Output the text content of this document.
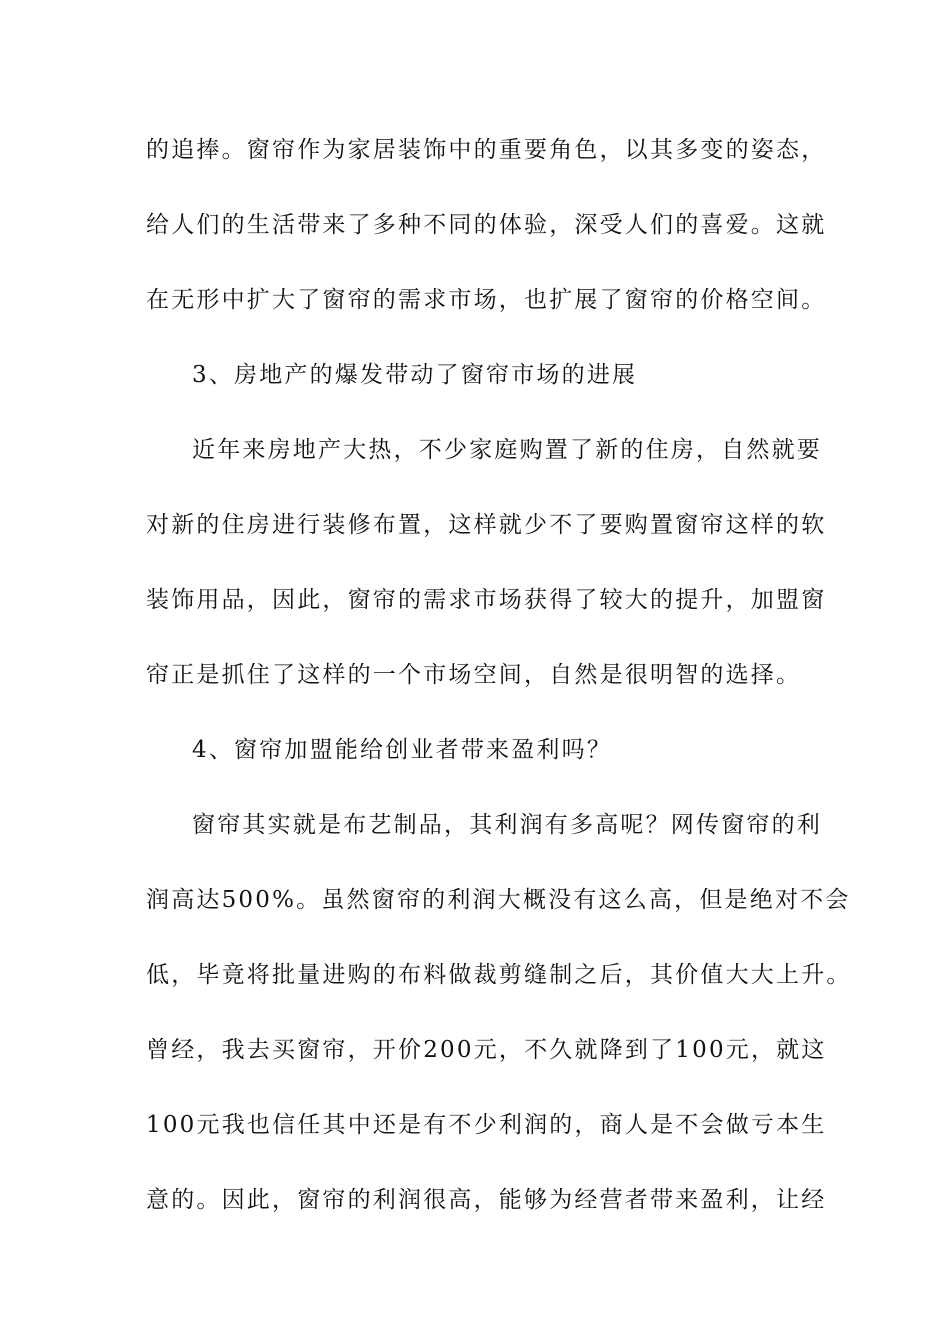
的追捧。窗帘作为家居装饰中的重要角色，以其多变的姿态，
给人们的生活带来了多种不同的体验，深受人们的喜爱。这就
在无形中扩大了窗帘的需求市场，也扩展了窗帘的价格空间。
3、房地产的爆发带动了窗帘市场的进展
近年来房地产大热，不少家庭购置了新的住房，自然就要
对新的住房进行装修布置，这样就少不了要购置窗帘这样的软
装饰用品，因此，窗帘的需求市场获得了较大的提升，加盟窗
帘正是抓住了这样的一个市场空间，自然是很明智的选择。
4、窗帘加盟能给创业者带来盈利吗？
窗帘其实就是布艺制品，其利润有多高呢？网传窗帘的利
润高达500%。虽然窗帘的利润大概没有这么高，但是绝对不会
低，毕竟将批量进购的布料做裁剪缝制之后，其价值大大上升。
曾经，我去买窗帘，开价200元，不久就降到了100元，就这
100元我也信任其中还是有不少利润的，商人是不会做亏本生
意的。因此，窗帘的利润很高，能够为经营者带来盈利，让经
